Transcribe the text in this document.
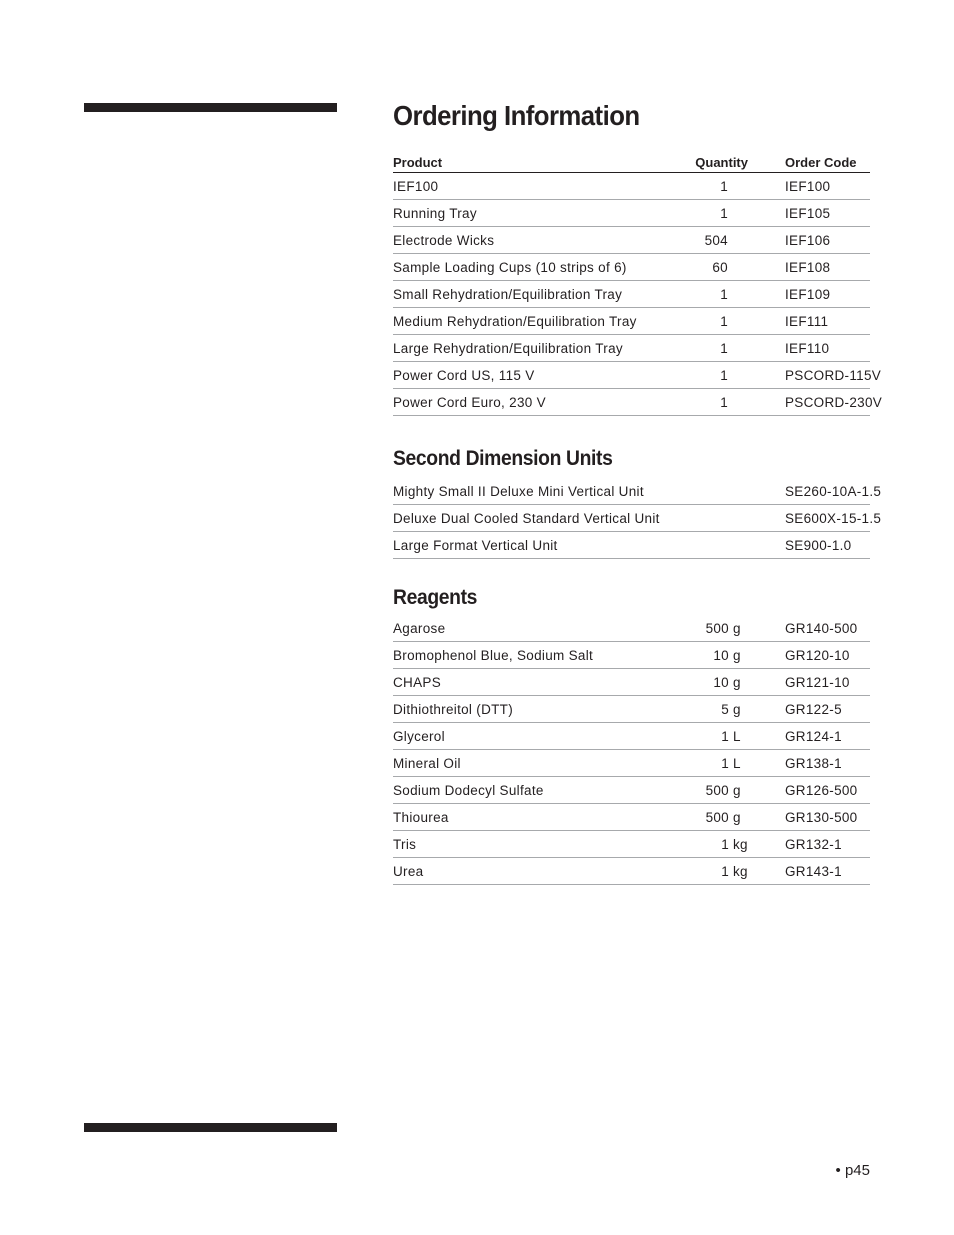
Ordering Information
Product	Quantity	Order Code
IEF100	1	IEF100
Running Tray	1	IEF105
Electrode Wicks	504	IEF106
Sample Loading Cups (10 strips of 6)	60	IEF108
Small Rehydration/Equilibration Tray	1	IEF109
Medium Rehydration/Equilibration Tray	1	IEF111
Large Rehydration/Equilibration Tray	1	IEF110
Power Cord US, 115 V	1	PSCORD-115V
Power Cord Euro, 230 V	1	PSCORD-230V
Second Dimension Units
Mighty Small II Deluxe Mini Vertical Unit		SE260-10A-1.5
Deluxe Dual Cooled Standard Vertical Unit		SE600X-15-1.5
Large Format Vertical Unit		SE900-1.0
Reagents
Agarose	500 g	GR140-500
Bromophenol Blue, Sodium Salt	10 g	GR120-10
CHAPS	10 g	GR121-10
Dithiothreitol (DTT)	5 g	GR122-5
Glycerol	1 L	GR124-1
Mineral Oil	1 L	GR138-1
Sodium Dodecyl Sulfate	500 g	GR126-500
Thiourea	500 g	GR130-500
Tris	1 kg	GR132-1
Urea	1 kg	GR143-1
• p45
